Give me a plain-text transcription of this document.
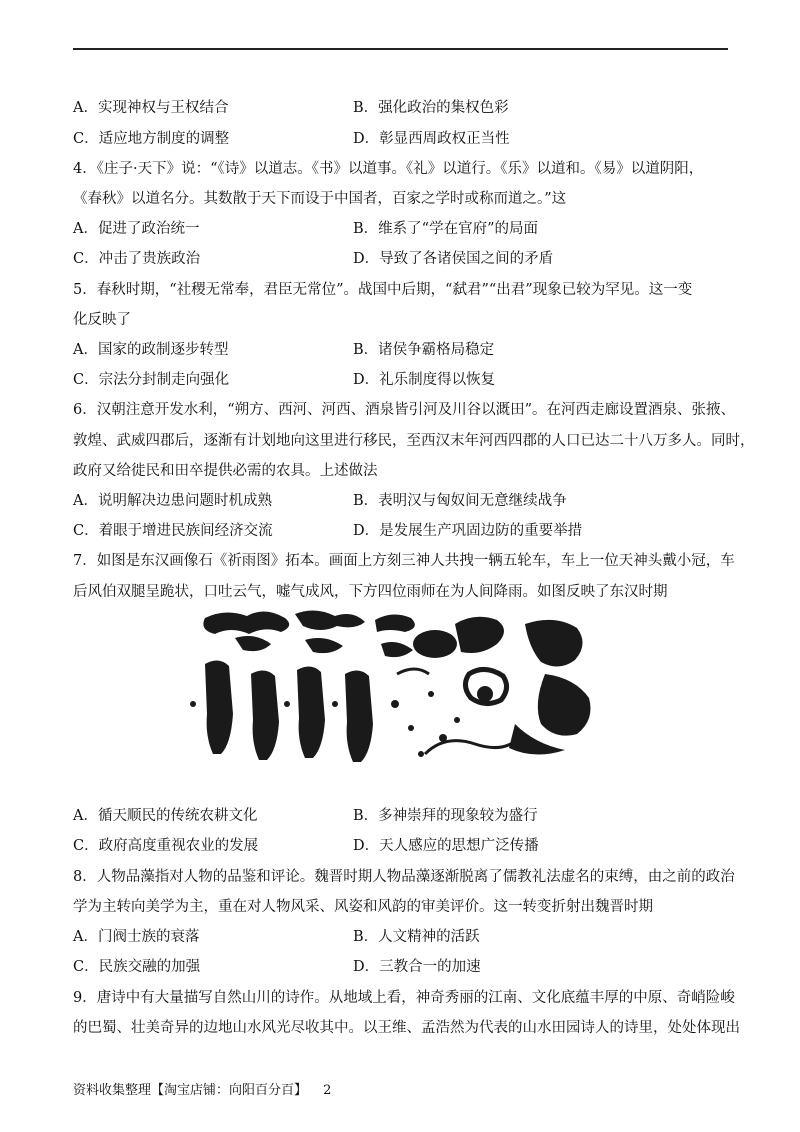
A．实现神权与王权结合	B．强化政治的集权色彩
C．适应地方制度的调整	D．彰显西周政权正当性
4．《庄子·天下》说：“《诗》以道志。《书》以道事。《礼》以道行。《乐》以道和。《易》以道阴阳，
《春秋》以道名分。其数散于天下而设于中国者，百家之学时或称而道之。”这
A．促进了政治统一	B．维系了“学在官府”的局面
C．冲击了贵族政治	D．导致了各诸侯国之间的矛盾
5．春秋时期，“社稷无常奉，君臣无常位”。战国中后期，“弑君”“出君”现象已较为罕见。这一变
化反映了
A．国家的政制逐步转型	B．诸侯争霸格局稳定
C．宗法分封制走向强化	D．礼乐制度得以恢复
6．汉朝注意开发水利，“朔方、西河、河西、酒泉皆引河及川谷以溉田”。在河西走廊设置酒泉、张掖、
敦煌、武威四郡后，逐渐有计划地向这里进行移民，至西汉末年河西四郡的人口已达二十八万多人。同时，
政府又给徙民和田卒提供必需的农具。上述做法
A．说明解决边患问题时机成熟	B．表明汉与匈奴间无意继续战争
C．着眼于增进民族间经济交流	D．是发展生产巩固边防的重要举措
7．如图是东汉画像石《祈雨图》拓本。画面上方刻三神人共拽一辆五轮车，车上一位天神头戴小冠，车
后风伯双腿呈跪状，口吐云气，嘘气成风，下方四位雨师在为人间降雨。如图反映了东汉时期
A．循天顺民的传统农耕文化	B．多神崇拜的现象较为盛行
C．政府高度重视农业的发展	D．天人感应的思想广泛传播
8．人物品藻指对人物的品鉴和评论。魏晋时期人物品藻逐渐脱离了儒教礼法虚名的束缚，由之前的政治
学为主转向美学为主，重在对人物风采、风姿和风韵的审美评价。这一转变折射出魏晋时期
A．门阀士族的衰落	B．人文精神的活跃
C．民族交融的加强	D．三教合一的加速
9．唐诗中有大量描写自然山川的诗作。从地域上看，神奇秀丽的江南、文化底蕴丰厚的中原、奇峭险峻
的巴蜀、壮美奇异的边地山水风光尽收其中。以王维、孟浩然为代表的山水田园诗人的诗里，处处体现出
资料收集整理【淘宝店铺：向阳百分百】 2
